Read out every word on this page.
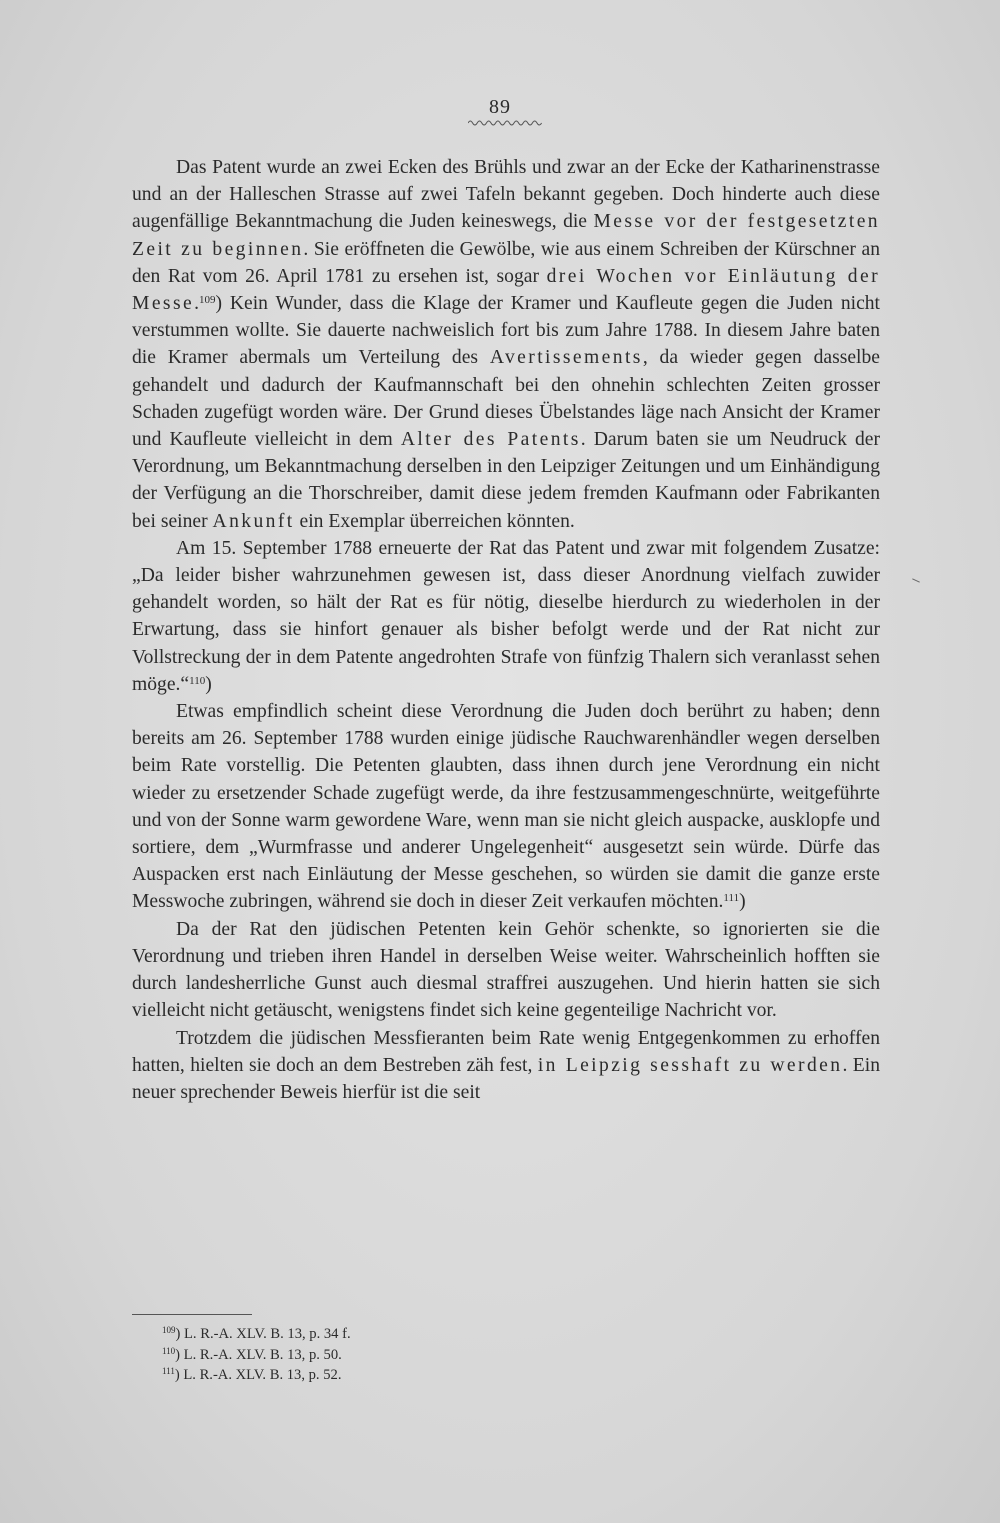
89

Das Patent wurde an zwei Ecken des Brühls und zwar an der Ecke der Katharinenstrasse und an der Halleschen Strasse auf zwei Tafeln bekannt gegeben. Doch hinderte auch diese augenfällige Bekanntmachung die Juden keineswegs, die Messe vor der festgesetzten Zeit zu beginnen. Sie eröffneten die Gewölbe, wie aus einem Schreiben der Kürschner an den Rat vom 26. April 1781 zu ersehen ist, sogar drei Wochen vor Einläutung der Messe.$^{109}$) Kein Wunder, dass die Klage der Kramer und Kaufleute gegen die Juden nicht verstummen wollte. Sie dauerte nachweislich fort bis zum Jahre 1788. In diesem Jahre baten die Kramer abermals um Verteilung des Avertissements, da wieder gegen dasselbe gehandelt und dadurch der Kaufmannschaft bei den ohnehin schlechten Zeiten grosser Schaden zugefügt worden wäre. Der Grund dieses Übelstandes läge nach Ansicht der Kramer und Kaufleute vielleicht in dem Alter des Patents. Darum baten sie um Neudruck der Verordnung, um Bekanntmachung derselben in den Leipziger Zeitungen und um Einhändigung der Verfügung an die Thorschreiber, damit diese jedem fremden Kaufmann oder Fabrikanten bei seiner Ankunft ein Exemplar überreichen könnten.

Am 15. September 1788 erneuerte der Rat das Patent und zwar mit folgendem Zusatze: „Da leider bisher wahrzunehmen gewesen ist, dass dieser Anordnung vielfach zuwider gehandelt worden, so hält der Rat es für nötig, dieselbe hierdurch zu wiederholen in der Erwartung, dass sie hinfort genauer als bisher befolgt werde und der Rat nicht zur Vollstreckung der in dem Patente angedrohten Strafe von fünfzig Thalern sich veranlasst sehen möge.“$^{110}$)

Etwas empfindlich scheint diese Verordnung die Juden doch berührt zu haben; denn bereits am 26. September 1788 wurden einige jüdische Rauchwarenhändler wegen derselben beim Rate vorstellig. Die Petenten glaubten, dass ihnen durch jene Verordnung ein nicht wieder zu ersetzender Schade zugefügt werde, da ihre festzusammengeschnürte, weitgeführte und von der Sonne warm gewordene Ware, wenn man sie nicht gleich auspacke, ausklopfe und sortiere, dem „Wurmfrasse und anderer Ungelegenheit“ ausgesetzt sein würde. Dürfe das Auspacken erst nach Einläutung der Messe geschehen, so würden sie damit die ganze erste Messwoche zubringen, während sie doch in dieser Zeit verkaufen möchten.$^{111}$)

Da der Rat den jüdischen Petenten kein Gehör schenkte, so ignorierten sie die Verordnung und trieben ihren Handel in derselben Weise weiter. Wahrscheinlich hofften sie durch landesherrliche Gunst auch diesmal straffrei auszugehen. Und hierin hatten sie sich vielleicht nicht getäuscht, wenigstens findet sich keine gegenteilige Nachricht vor.

Trotzdem die jüdischen Messfieranten beim Rate wenig Entgegenkommen zu erhoffen hatten, hielten sie doch an dem Bestreben zäh fest, in Leipzig sesshaft zu werden. Ein neuer sprechender Beweis hierfür ist die seit

$^{109}$) L. R.-A. XLV. B. 13, p. 34 f.
$^{110}$) L. R.-A. XLV. B. 13, p. 50.
$^{111}$) L. R.-A. XLV. B. 13, p. 52.
